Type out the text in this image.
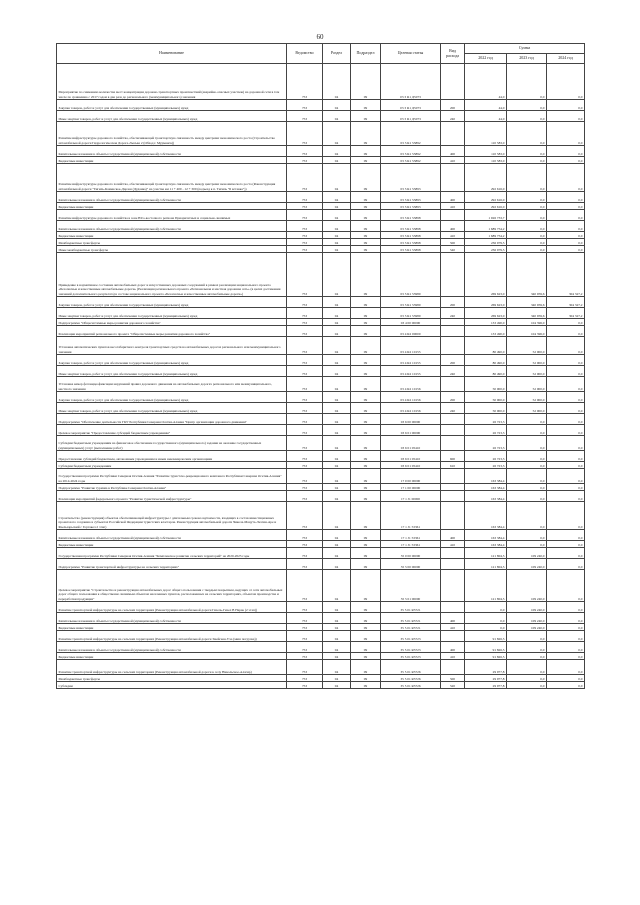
60
Наименование	Ведомство	Раздел	Подраздел	Целевая статья	Вид расхода	Сумма		
						2022 год	2023 год	2024 год
Мероприятие по снижению количества мест концентрации дорожно-транспортных происшествий (аварийно-опасных участков) на дорожной сети в том числе по сравнению с 2017 годом в два раза до регионального (межмуниципального) значения	753	04	09	03 3 R1 Д5073		44,0	0,0	0,0
Закупка товаров, работ и услуг для обеспечения государственных (муниципальных) нужд	753	04	09	03 3 R1 Д5073	200	44,0	0,0	0,0
Иные закупки товаров, работ и услуг для обеспечения государственных (муниципальных) нужд	753	04	09	03 3 R1 Д5073	240	44,0	0,0	0,0
Развитие инфраструктуры дорожного хозяйства, обеспечивающей транспортную связанность между центрами экономического роста (Строительство автомобильной дороги Гидрологическая Дорога-Лысьва 2 (Обход г. Мурманск))	753	04	09	03 3 R1 53892		110 583,0	0,0	0,0
Капитальные вложения в объекты государственной (муниципальной) собственности	753	04	09	03 3 R1 53892	400	110 583,0	0,0	0,0
Бюджетные инвестиции	753	04	09	03 3 R1 53892	410	110 583,0	0,0	0,0
Развитие инфраструктуры дорожного хозяйства, обеспечивающей транспортную связанность между центрами экономического роста (Реконструкция автомобильной дороги "Тигиль-Каменское-Дарзан (Дуданка)" на участке км 11 + 400 - 12 + 300 (подъезд к п. Тигиль "Б вставка"))	753	04	09	03 3 R1 53893		292 616,0	0,0	0,0
Капитальные вложения в объекты государственной (муниципальной) собственности	753	04	09	03 3 R1 53893	400	292 616,0	0,0	0,0
Бюджетные инвестиции	753	04	09	03 3 R1 53893	410	292 616,0	0,0	0,0
Развитие инфраструктуры дорожного хозяйства в зоне Юго-восточного региона Приоритетных и социально-значимых	753	04	09	03 3 R1 53898		1 926 733,7	0,0	0,0
Капитальные вложения в объекты государственной (муниципальной) собственности	753	04	09	03 3 R1 53898	400	1 689 754,2	0,0	0,0
Бюджетные инвестиции	753	04	09	03 3 R1 53898	410	1 689 754,2	0,0	0,0
Межбюджетные трансферты	753	04	09	03 3 R1 53898	500	236 979,5	0,0	0,0
Иные межбюджетные трансферты	753	04	09	03 3 R1 53898	540	236 979,5	0,0	0,0
Приведение в нормативное состояние автомобильных дорог и искусственных дорожных сооружений в рамках реализации национального проекта «Безопасные и качественные автомобильные дороги» (Реализация регионального проекта «Региональная и местная дорожная сеть» (в целях достижения значений дополнительного результата) в составе национального проекта «Безопасные и качественные автомобильные дороги»)	753	04	09	03 3 R1 53980		269 623,0	340 959,6	304 327,2
Закупка товаров, работ и услуг для обеспечения государственных (муниципальных) нужд	753	04	09	03 3 R1 53980	200	269 623,0	340 959,6	304 327,2
Иные закупки товаров, работ и услуг для обеспечения государственных (муниципальных) нужд	753	04	09	03 3 R1 53980	240	269 623,0	340 959,6	304 327,2
Подпрограмма "Общесистемные меры развития дорожного хозяйства"	753	04	09	03 4 00 00000		133 490,0	104 396,0	0,0
Реализация мероприятий регионального проекта "Общесистемные меры развития дорожного хозяйства"	753	04	09	03 4 R2 00000		133 490,0	104 396,0	0,0
Установка автоматических пунктов весогабаритного контроля транспортных средств на автомобильных дорогах регионального или межмуниципального значения	753	04	09	03 4 R2 10155		80 490,0	52 000,0	0,0
Закупка товаров, работ и услуг для обеспечения государственных (муниципальных) нужд	753	04	09	03 4 R2 10155	200	80 490,0	52 000,0	0,0
Иные закупки товаров, работ и услуг для обеспечения государственных (муниципальных) нужд	753	04	09	03 4 R2 10155	240	80 490,0	52 000,0	0,0
Установка камер фотовидеофиксации нарушений правил дорожного движения на автомобильных дорогах регионального или межмуниципального, местного значения	753	04	09	03 4 R2 10156		50 000,0	52 000,0	0,0
Закупка товаров, работ и услуг для обеспечения государственных (муниципальных) нужд	753	04	09	03 4 R2 10156	200	50 000,0	52 000,0	0,0
Иные закупки товаров, работ и услуг для обеспечения государственных (муниципальных) нужд	753	04	09	03 4 R2 10156	240	50 000,0	52 000,0	0,0
Подпрограмма "Обеспечение деятельности ГКУ Республики Северная Осетия-Алания "Центр организации дорожного движения"	753	04	09	03 6 00 00000		26 723,3	0,0	0,0
Целевое мероприятие "Предоставление субсидий бюджетным учреждениям"	753	04	09	03 6 01 00000		26 723,3	0,0	0,0
Субсидии бюджетным учреждениям на финансовое обеспечение государственного (муниципального) задания на оказание государственных (муниципальных) услуг (выполнение работ)	753	04	09	03 6 01 05410		26 723,3	0,0	0,0
Предоставление субсидий бюджетным, автономным учреждениям и иным некоммерческим организациям	753	04	09	03 6 01 05410	600	26 723,3	0,0	0,0
Субсидии бюджетным учреждениям	753	04	09	03 6 01 05410	610	26 723,3	0,0	0,0
Государственная программа Республики Северная Осетия-Алания "Развитие туристско-рекреационного комплекса Республики Северная Осетия-Алания" на 2014-2024 годы	753	04	09	17 0 00 00000		163 384,4	0,0	0,0
Подпрограмма "Развитие туризма в Республике Северная Осетия-Алания"	753	04	09	17 1 00 00000		163 384,4	0,0	0,0
Реализация мероприятий федерального проекта "Развитие туристической инфраструктуры"	753	04	09	17 1 J1 00000		163 384,4	0,0	0,0
Строительство (реконструкция) объектов обеспечивающей инфраструктуры с длительным сроком окупаемости, входящих в состав инвестиционных проектов по созданию в субъектах Российской Федерации туристских кластеров. Реконструкция автомобильной дороги Чикола-Мацута-Лезгин-Аре и Фыльзарьский с Гортакел 2 этап)	753	04	09	17 1 J1 53361		163 384,4	0,0	0,0
Капитальные вложения в объекты государственной (муниципальной) собственности	753	04	09	17 1 J1 53361	400	163 384,4	0,0	0,0
Бюджетные инвестиции	753	04	09	17 1 J1 53361	410	163 384,4	0,0	0,0
Государственная программа Республики Северная Осетия-Алания "Комплексное развитие сельских территорий" на 2020-2025 годы	753	04	09	35 0 00 00000		121 804,5	109 240,0	0,0
Подпрограмма "Развитие транспортной инфраструктуры на сельских территориях"	753	04	09	35 5 00 00000		121 804,5	109 240,0	0,0
Целевое мероприятие "Строительство и реконструкция автомобильных дорог общего пользования с твердым покрытием, ведущих от сети автомобильных дорог общего пользования к общественно значимым объектам населенных пунктов, расположенных на сельских территориях, объектам производства и переработки продукции"	753	04	09	35 5 01 00000		121 804,5	109 240,0	0,0
Развитие транспортной инфраструктуры на сельских территориях (Реконструкция автомобильной дороги Гизель-Гизел В Нарак (2 этап))	753	04	09	35 5 01 R3721		0,0	109 240,0	0,0
Капитальные вложения в объекты государственной (муниципальной) собственности	753	04	09	35 5 01 R3721	400	0,0	109 240,0	0,0
Бюджетные инвестиции	753	04	09	35 5 01 R3721	410	0,0	109 240,0	0,0
Развитие транспортной инфраструктуры на сельских территориях (Реконструкция автомобильной дороги Змейская-Уча (миш погрузка))	753	04	09	35 5 01 R3723		91 826,5	0,0	0,0
Капитальные вложения в объекты государственной (муниципальной) собственности	753	04	09	35 5 01 R3723	400	91 826,5	0,0	0,0
Бюджетные инвестиции	753	04	09	35 5 01 R3723	410	91 826,5	0,0	0,0
Развитие транспортной инфраструктуры на сельских территориях (Реконструкция автомобильной дороги к селу Никольское-Алагир)	753	04	09	35 5 01 R3726		29 977,8	0,0	0,0
Межбюджетные трансферты	753	04	09	35 5 01 R3726	500	29 977,8	0,0	0,0
Субсидии	753	04	09	35 5 01 R3726	520	29 977,8	0,0	0,0
